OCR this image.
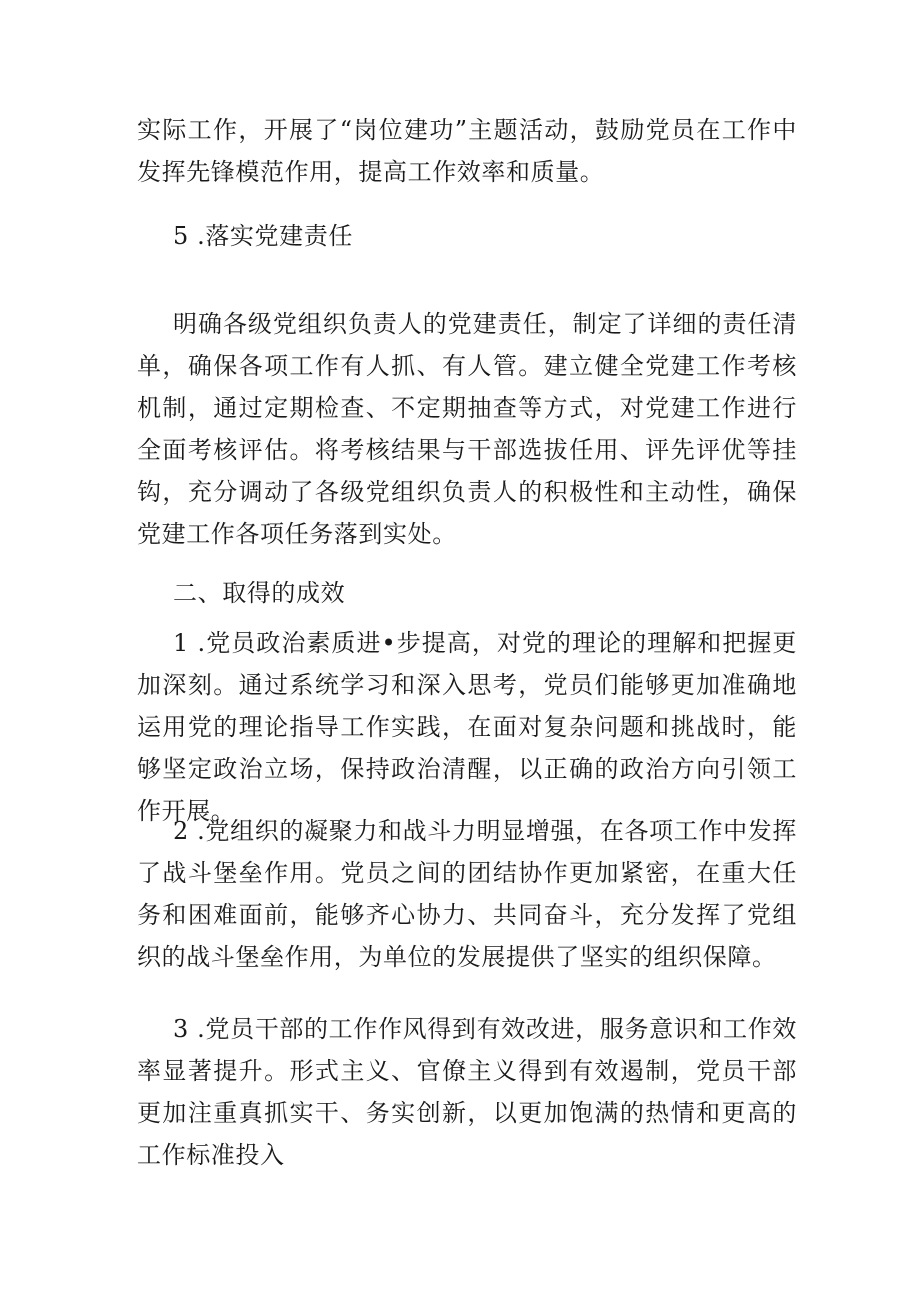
实际工作，开展了“岗位建功”主题活动，鼓励党员在工作中发挥先锋模范作用，提高工作效率和质量。

5 .落实党建责任

明确各级党组织负责人的党建责任，制定了详细的责任清单，确保各项工作有人抓、有人管。建立健全党建工作考核机制，通过定期检查、不定期抽查等方式，对党建工作进行全面考核评估。将考核结果与干部选拔任用、评先评优等挂钩，充分调动了各级党组织负责人的积极性和主动性，确保党建工作各项任务落到实处。

二、取得的成效

1 .党员政治素质进•步提高，对党的理论的理解和把握更加深刻。通过系统学习和深入思考，党员们能够更加准确地运用党的理论指导工作实践，在面对复杂问题和挑战时，能够坚定政治立场，保持政治清醒，以正确的政治方向引领工作开展。

2 .党组织的凝聚力和战斗力明显增强，在各项工作中发挥了战斗堡垒作用。党员之间的团结协作更加紧密，在重大任务和困难面前，能够齐心协力、共同奋斗，充分发挥了党组织的战斗堡垒作用，为单位的发展提供了坚实的组织保障。

3 .党员干部的工作作风得到有效改进，服务意识和工作效率显著提升。形式主义、官僚主义得到有效遏制，党员干部更加注重真抓实干、务实创新，以更加饱满的热情和更高的工作标准投入
